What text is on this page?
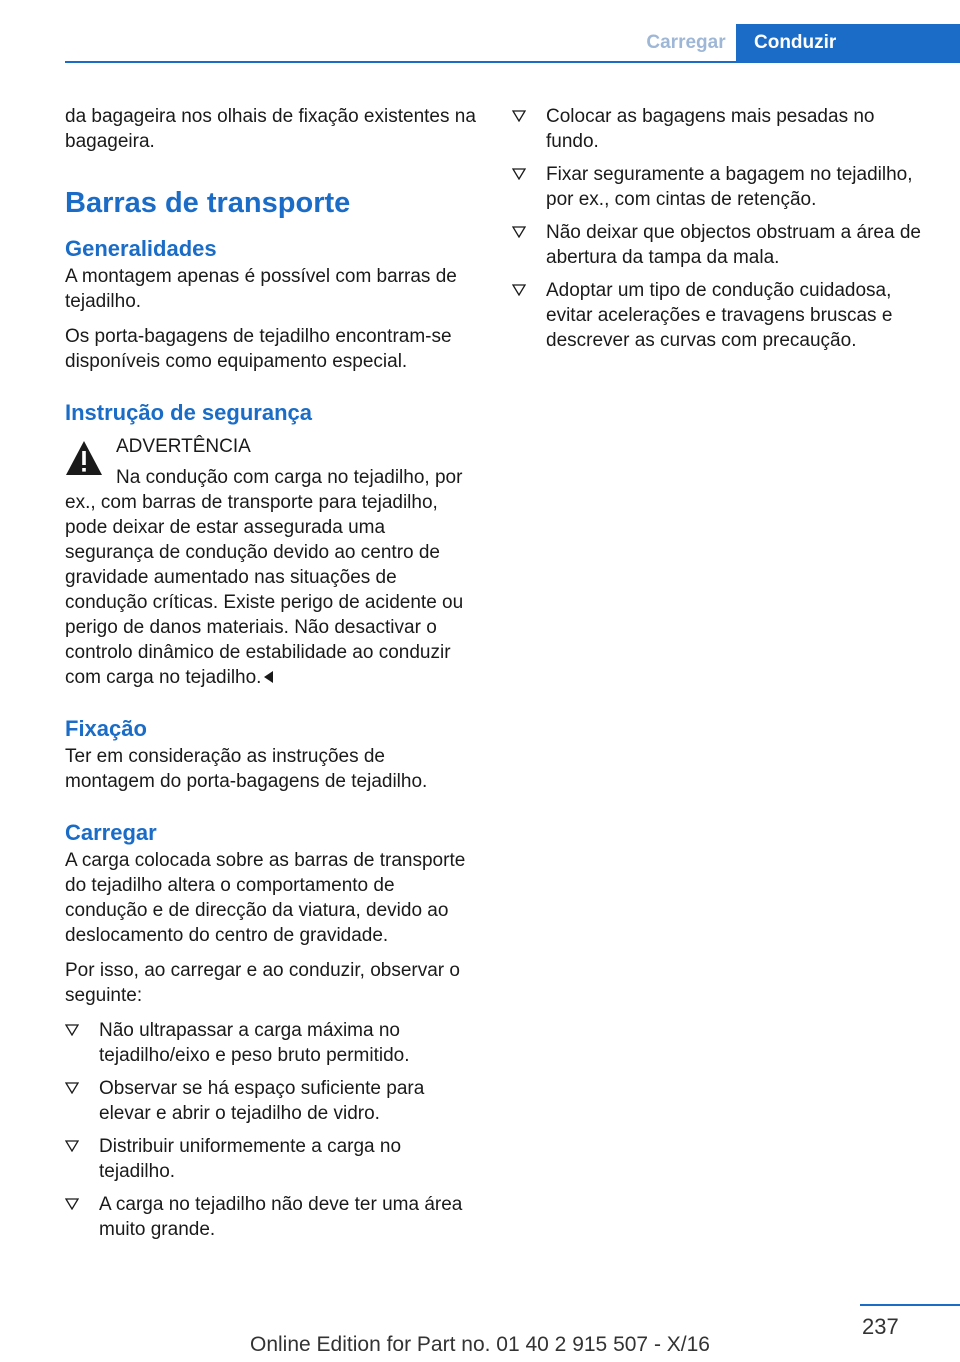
Carregar	Conduzir

da bagageira nos olhais de fixação existentes na bagageira.

Barras de transporte
Generalidades

A montagem apenas é possível com barras de tejadilho.

Os porta-bagagens de tejadilho encontram-se disponíveis como equipamento especial.

Instrução de segurança
ADVERTÊNCIA

Na condução com carga no tejadilho, por ex., com barras de transporte para tejadilho, pode deixar de estar assegurada uma segurança de condução devido ao centro de gravidade aumentado nas situações de condução críticas. Existe perigo de acidente ou perigo de danos materiais. Não desactivar o controlo dinâmico de estabilidade ao conduzir com carga no tejadilho.

Fixação

Ter em consideração as instruções de montagem do porta-bagagens de tejadilho.

Carregar

A carga colocada sobre as barras de transporte do tejadilho altera o comportamento de condução e de direcção da viatura, devido ao deslocamento do centro de gravidade.

Por isso, ao carregar e ao conduzir, observar o seguinte:

Não ultrapassar a carga máxima no tejadilho/eixo e peso bruto permitido.
Observar se há espaço suficiente para elevar e abrir o tejadilho de vidro.
Distribuir uniformemente a carga no tejadilho.
A carga no tejadilho não deve ter uma área muito grande.
Colocar as bagagens mais pesadas no fundo.
Fixar seguramente a bagagem no tejadilho, por ex., com cintas de retenção.
Não deixar que objectos obstruam a área de abertura da tampa da mala.
Adoptar um tipo de condução cuidadosa, evitar acelerações e travagens bruscas e descrever as curvas com precaução.
237
Online Edition for Part no. 01 40 2 915 507 - X/16
